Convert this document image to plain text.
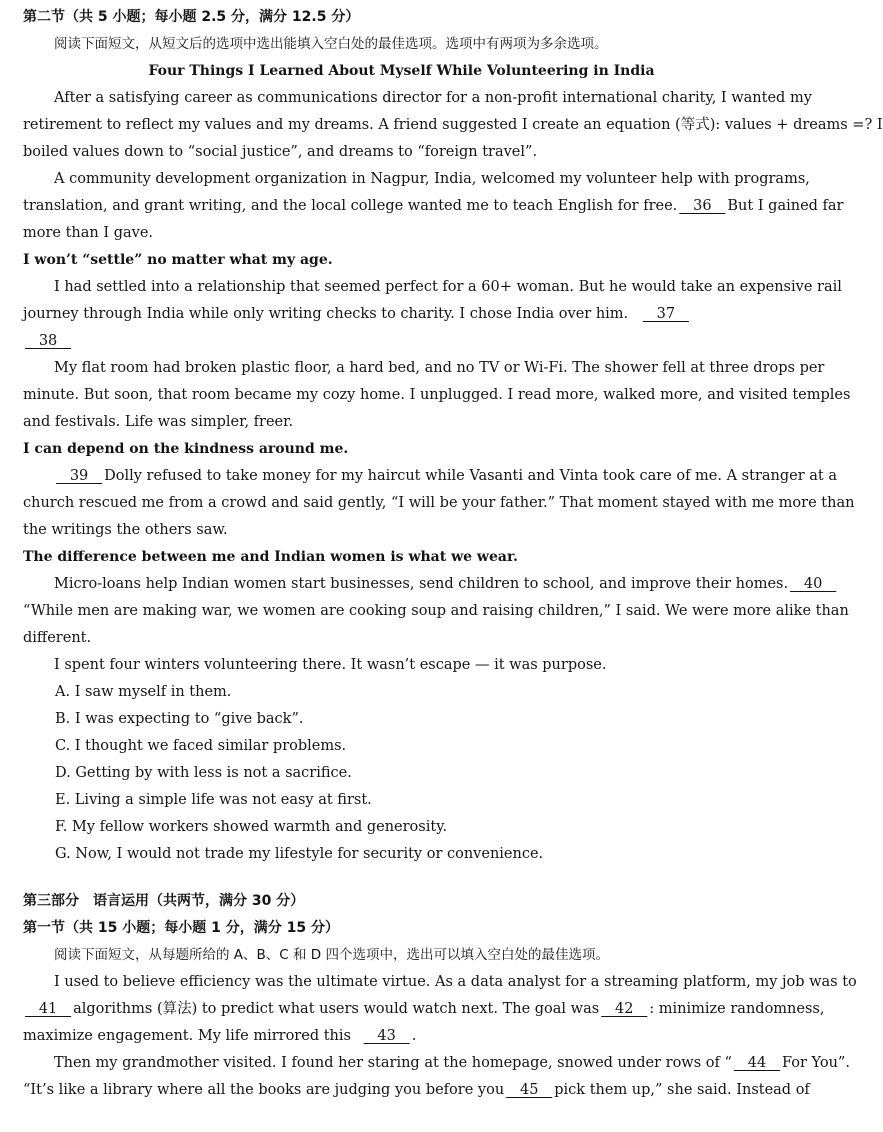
第二节（共 5 小题；每小题 2.5 分，满分 12.5 分）
阅读下面短文，从短文后的选项中选出能填入空白处的最佳选项。选项中有两项为多余选项。
Four Things I Learned About Myself While Volunteering in India
After a satisfying career as communications director for a non-profit international charity, I wanted my
retirement to reflect my values and my dreams. A friend suggested I create an equation (等式): values + dreams =? I
boiled values down to “social justice”, and dreams to “foreign travel”.
A community development organization in Nagpur, India, welcomed my volunteer help with programs,
translation, and grant writing, and the local college wanted me to teach English for free. 36 But I gained far
more than I gave.
I won’t “settle” no matter what my age.
I had settled into a relationship that seemed perfect for a 60+ woman. But he would take an expensive rail
journey through India while only writing checks to charity. I chose India over him.    37
38
My flat room had broken plastic floor, a hard bed, and no TV or Wi-Fi. The shower fell at three drops per
minute. But soon, that room became my cozy home. I unplugged. I read more, walked more, and visited temples
and festivals. Life was simpler, freer.
I can depend on the kindness around me.
39 Dolly refused to take money for my haircut while Vasanti and Vinta took care of me. A stranger at a
church rescued me from a crowd and said gently, “I will be your father.” That moment stayed with me more than
the writings the others saw.
The difference between me and Indian women is what we wear.
Micro-loans help Indian women start businesses, send children to school, and improve their homes. 40
“While men are making war, we women are cooking soup and raising children,” I said. We were more alike than
different.
I spent four winters volunteering there. It wasn’t escape — it was purpose.
A. I saw myself in them.
B. I was expecting to “give back”.
C. I thought we faced similar problems.
D. Getting by with less is not a sacrifice.
E. Living a simple life was not easy at first.
F. My fellow workers showed warmth and generosity.
G. Now, I would not trade my lifestyle for security or convenience.
第三部分　语言运用（共两节，满分 30 分）
第一节（共 15 小题；每小题 1 分，满分 15 分）
阅读下面短文，从每题所给的 A、B、C 和 D 四个选项中，选出可以填入空白处的最佳选项。
I used to believe efficiency was the ultimate virtue. As a data analyst for a streaming platform, my job was to
41 algorithms (算法) to predict what users would watch next. The goal was 42 : minimize randomness,
maximize engagement. My life mirrored this    43   .
Then my grandmother visited. I found her staring at the homepage, snowed under rows of “ 44 For You”.
“It’s like a library where all the books are judging you before you 45 pick them up,” she said. Instead of
